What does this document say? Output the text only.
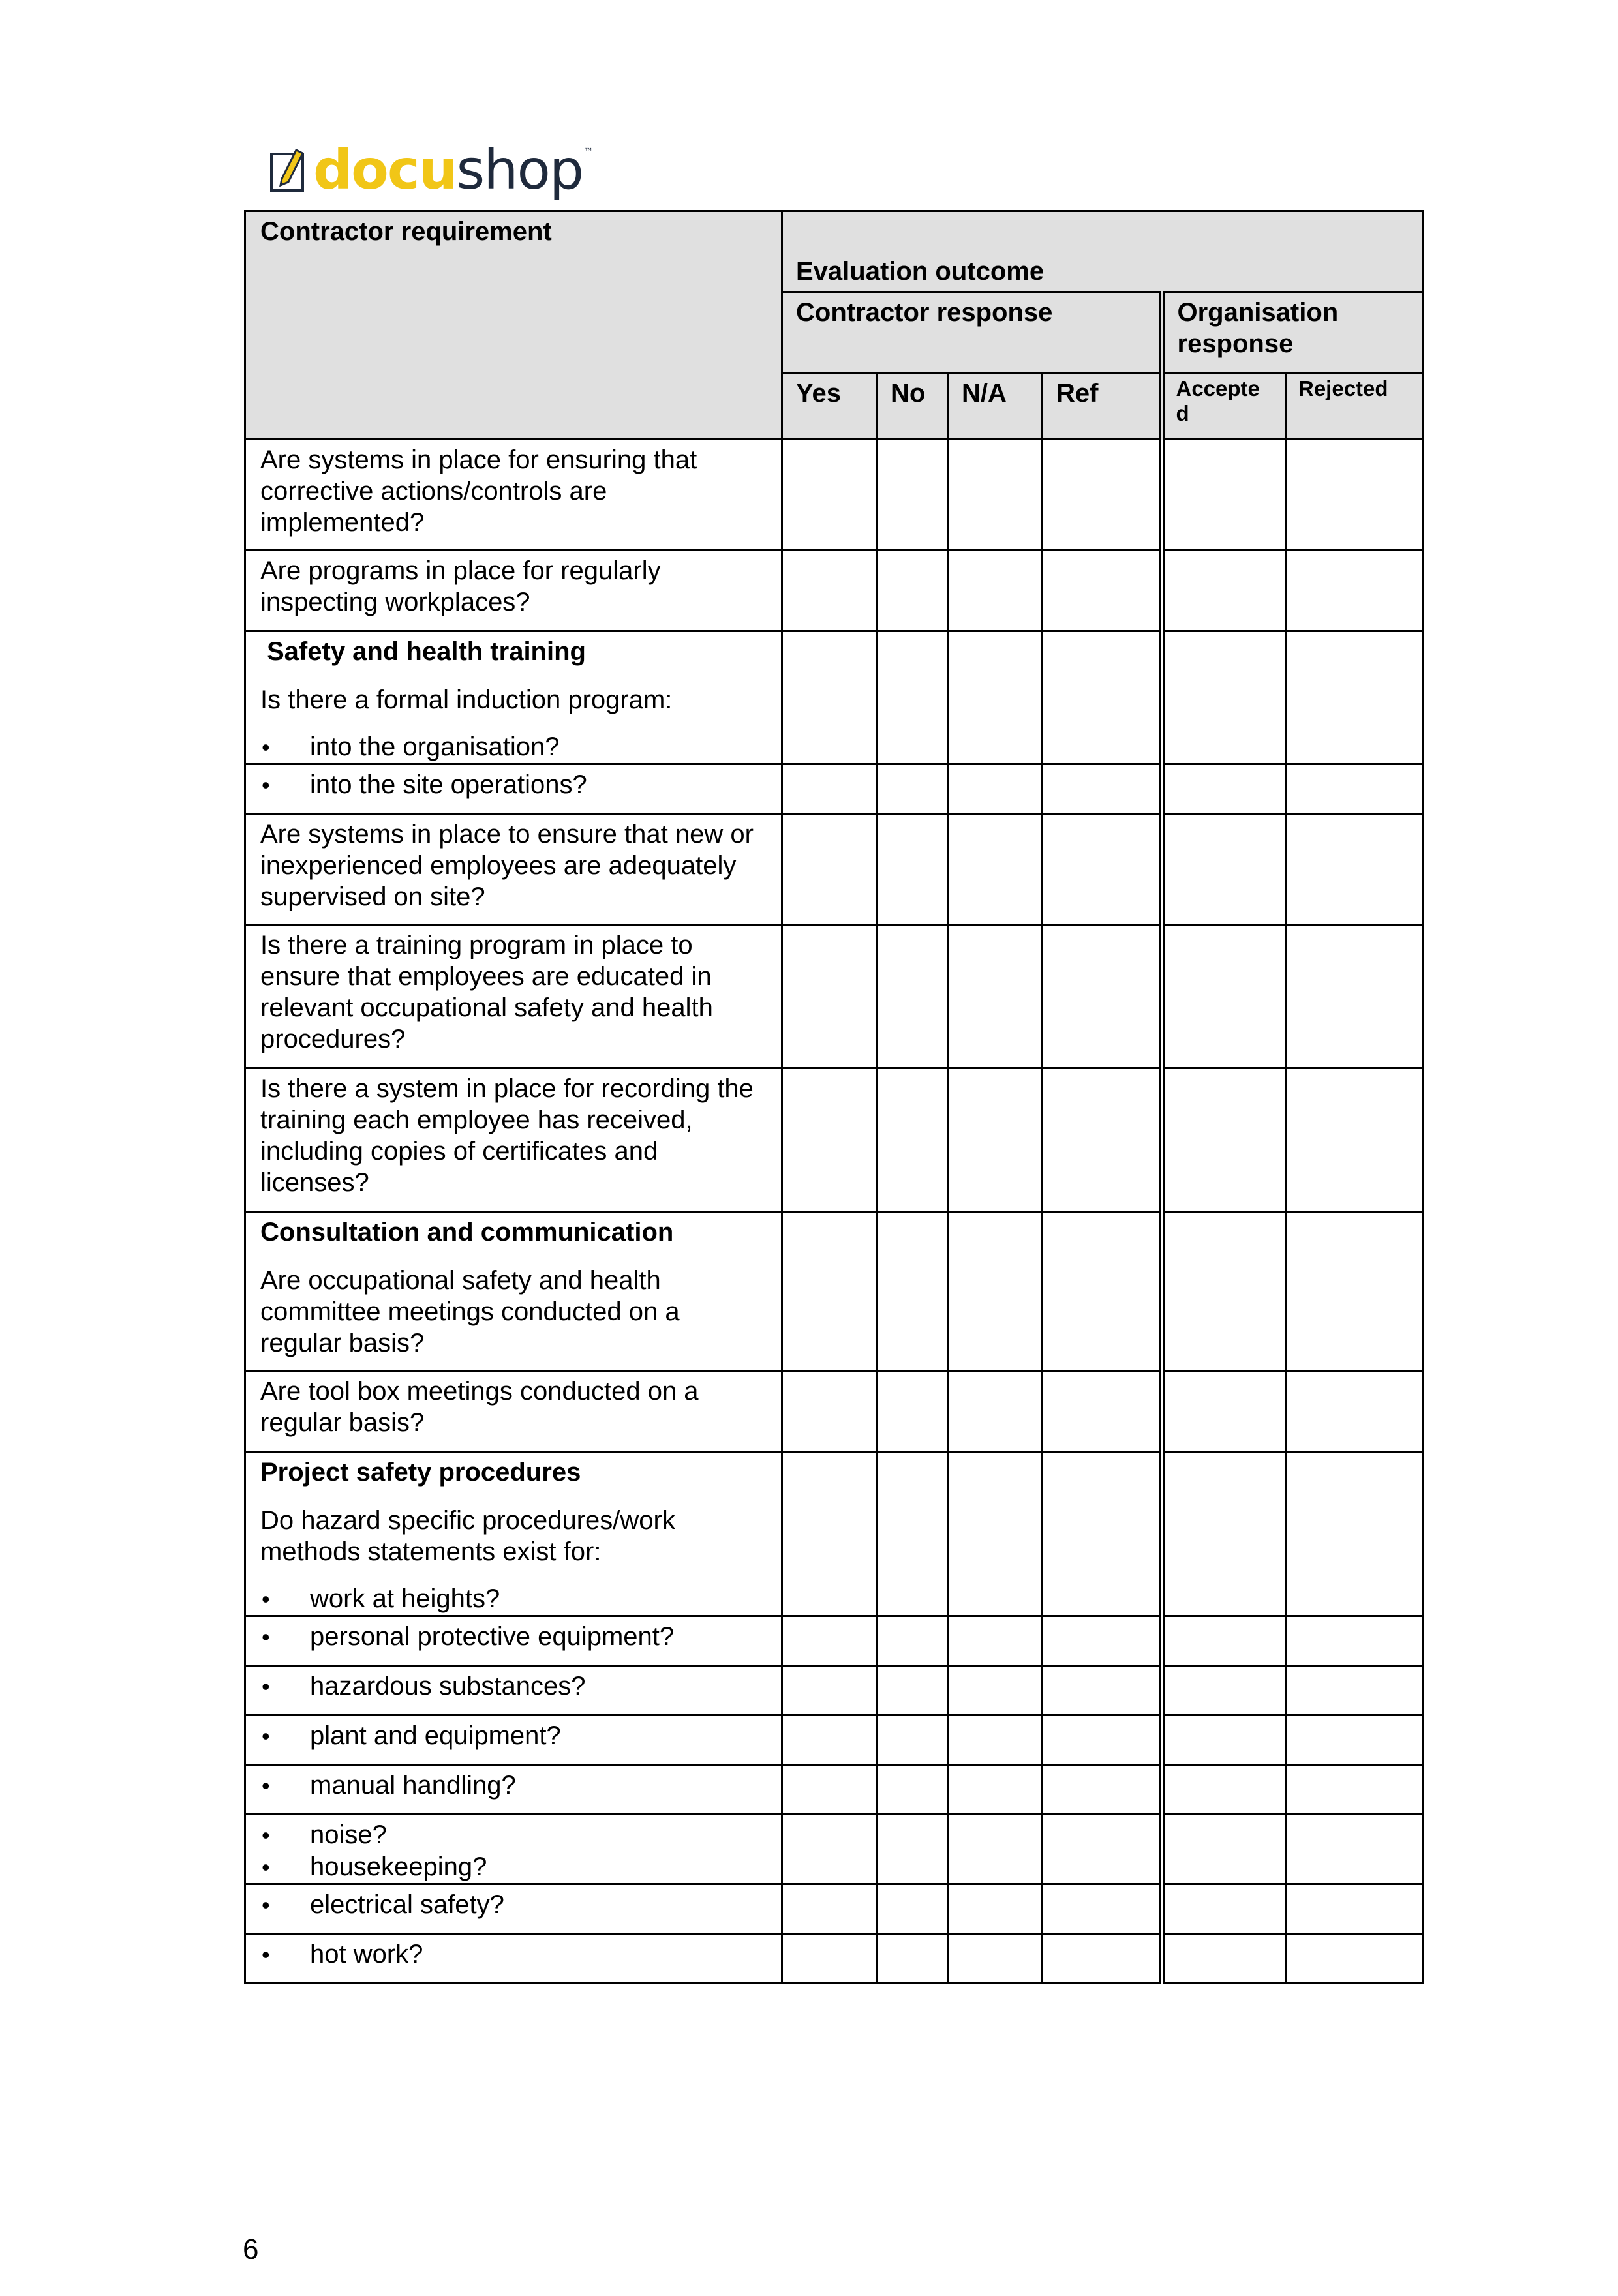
docushop ™
Contractor requirement	Evaluation outcome					
	Contractor response				Organisation response	
	Yes	No	N/A	Ref	Accepte d	Rejected

Are systems in place for ensuring that corrective actions/controls are implemented?						

Are programs in place for regularly inspecting workplaces?						

Safety and health training
Is there a formal induction program:
• into the organisation?						

• into the site operations?						

Are systems in place to ensure that new or inexperienced employees are adequately supervised on site?						

Is there a training program in place to ensure that employees are educated in relevant occupational safety and health procedures?						

Is there a system in place for recording the training each employee has received, including copies of certificates and licenses?						

Consultation and communication
Are occupational safety and health committee meetings conducted on a regular basis?						

Are tool box meetings conducted on a regular basis?						

Project safety procedures
Do hazard specific procedures/work methods statements exist for:
• work at heights?						

• personal protective equipment?						

• hazardous substances?						

• plant and equipment?						

• manual handling?						

• noise?
• housekeeping?						

• electrical safety?						

• hot work?						

6
